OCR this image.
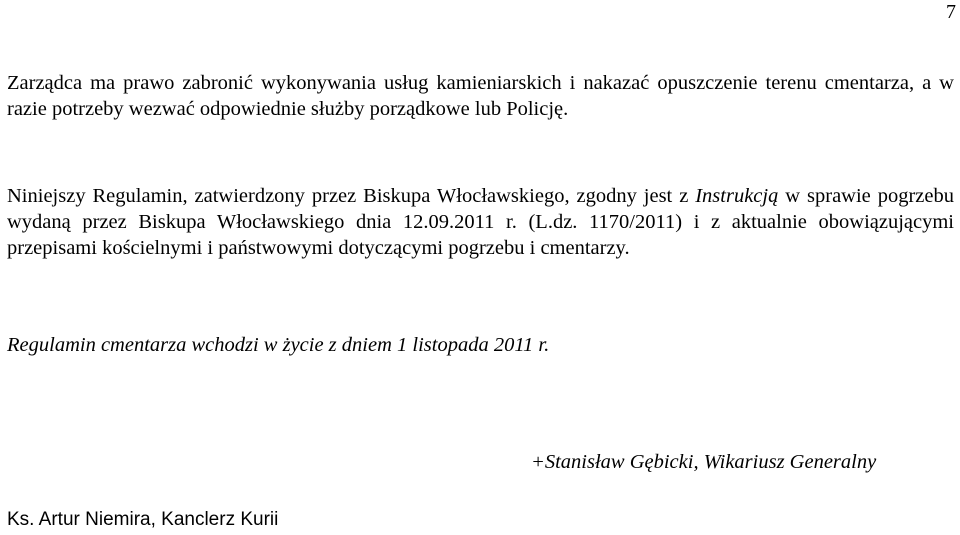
7

Zarządca ma prawo zabronić wykonywania usług kamieniarskich i nakazać opuszczenie terenu cmentarza, a w razie potrzeby wezwać odpowiednie służby porządkowe lub Policję.

Niniejszy Regulamin, zatwierdzony przez Biskupa Włocławskiego, zgodny jest z Instrukcją w sprawie pogrzebu wydaną przez Biskupa Włocławskiego dnia 12.09.2011 r. (L.dz. 1170/2011) i z aktualnie obowiązującymi przepisami kościelnymi i państwowymi dotyczącymi pogrzebu i cmentarzy.

Regulamin cmentarza wchodzi w życie z dniem 1 listopada 2011 r.

+Stanisław Gębicki, Wikariusz Generalny
Ks. Artur Niemira, Kanclerz Kurii
